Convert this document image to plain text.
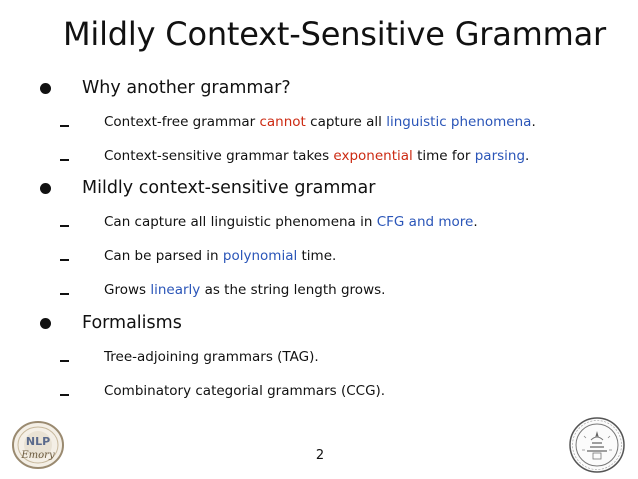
Mildly Context-Sensitive Grammar
Why another grammar?
Context-free grammar cannot capture all linguistic phenomena.
Context-sensitive grammar takes exponential time for parsing.
Mildly context-sensitive grammar
Can capture all linguistic phenomena in CFG and more.
Can be parsed in polynomial time.
Grows linearly as the string length grows.
Formalisms
Tree-adjoining grammars (TAG).
Combinatory categorial grammars (CCG).
NLP
Emory	2
